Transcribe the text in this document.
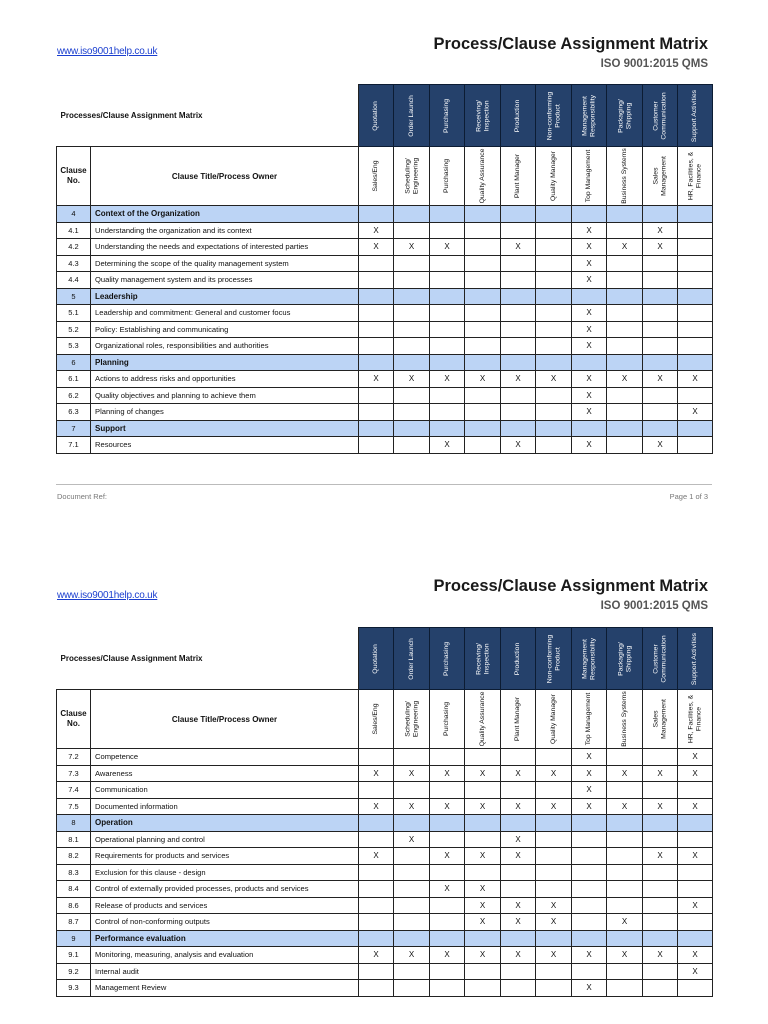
www.iso9001help.co.uk	Process/Clause Assignment Matrix
ISO 9001:2015 QMS
Processes/Clause Assignment Matrix		Quotation	Order Launch	Purchasing	Receiving/ Inspection	Production	Non-conforming Product	Management Responsibility	Packaging/ Shipping	Customer Communication	Support Activities

Clause No.	Clause Title/Process Owner	Sales/Eng	Scheduling/ Engineering	Purchasing	Quality Assurance	Plant Manager	Quality Manager	Top Management	Business Systems	Sales Management	HR, Facilities, & Finance

4	Context of the Organization										
4.1	Understanding the organization and its context	X						X		X	
4.2	Understanding the needs and expectations of interested parties	X	X	X		X		X	X	X	
4.3	Determining the scope of the quality management system							X			
4.4	Quality management system and its processes							X			
5	Leadership										
5.1	Leadership and commitment: General and customer focus							X			
5.2	Policy: Establishing and communicating							X			
5.3	Organizational roles, responsibilities and authorities							X			
6	Planning										
6.1	Actions to address risks and opportunities	X	X	X	X	X	X	X	X	X	X
6.2	Quality objectives and planning to achieve them							X			
6.3	Planning of changes							X			X
7	Support										
7.1	Resources			X		X		X		X	
Document Ref:	Page 1 of 3
www.iso9001help.co.uk
Process/Clause Assignment Matrix
ISO 9001:2015 QMS
Processes/Clause Assignment Matrix		Quotation	Order Launch	Purchasing	Receiving/ Inspection	Production	Non-conforming Product	Management Responsibility	Packaging/ Shipping	Customer Communication	Support Activities

Clause No.	Clause Title/Process Owner	Sales/Eng	Scheduling/ Engineering	Purchasing	Quality Assurance	Plant Manager	Quality Manager	Top Management	Business Systems	Sales Management	HR, Facilities, & Finance

7.2	Competence							X			X
7.3	Awareness	X	X	X	X	X	X	X	X	X	X
7.4	Communication							X			
7.5	Documented information	X	X	X	X	X	X	X	X	X	X
8	Operation										
8.1	Operational planning and control		X			X					
8.2	Requirements for products and services	X		X	X	X				X	X
8.3	Exclusion for this clause - design										
8.4	Control of externally provided processes, products and services			X	X						
8.6	Release of products and services				X	X	X				X
8.7	Control of non-conforming outputs				X	X	X		X		
9	Performance evaluation										
9.1	Monitoring, measuring, analysis and evaluation	X	X	X	X	X	X	X	X	X	X
9.2	Internal audit										X
9.3	Management Review							X			
